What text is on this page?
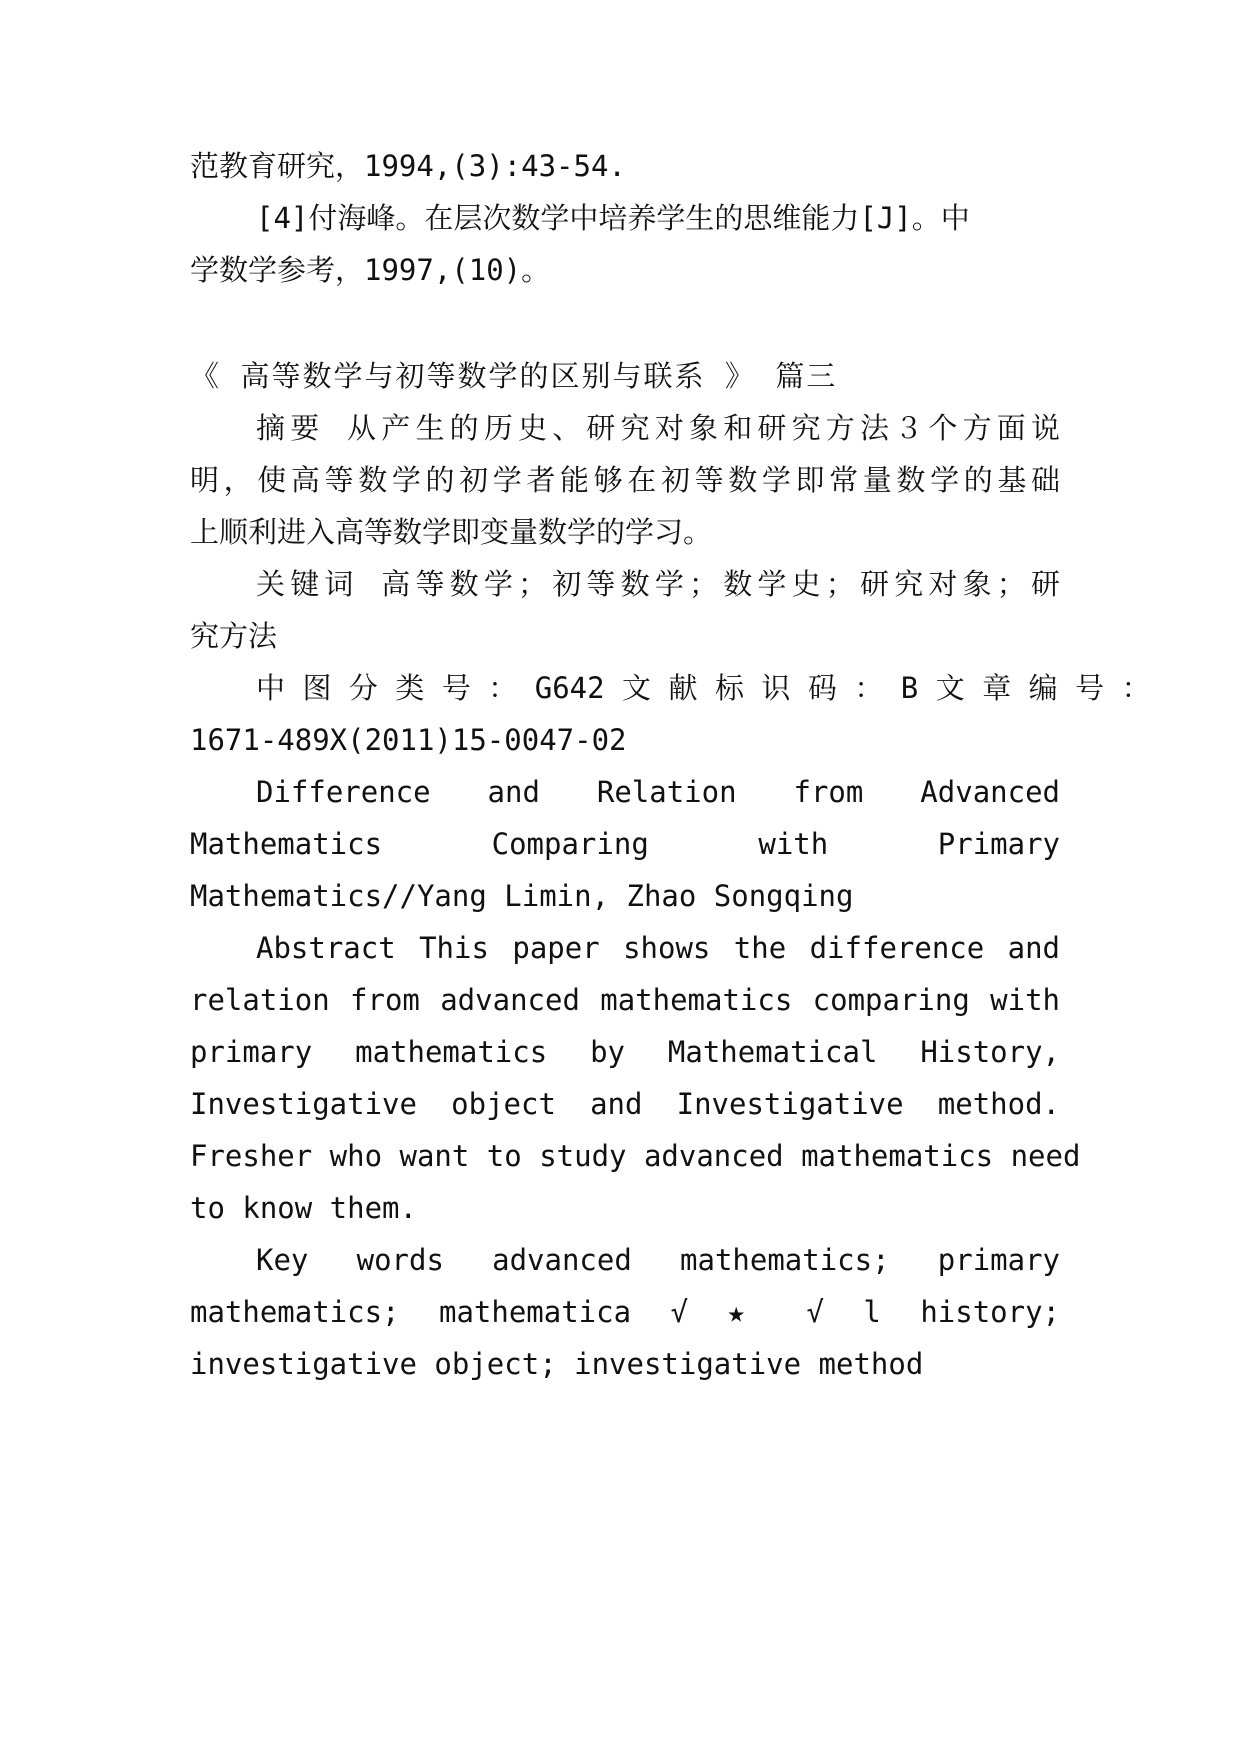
范教育研究，1994,(3):43-54.

[4]付海峰。在层次数学中培养学生的思维能力[J]。中

学数学参考，1997,(10)。

《 高等数学与初等数学的区别与联系 》 篇三

摘要 从产生的历史、研究对象和研究方法３个方面说

明，使高等数学的初学者能够在初等数学即常量数学的基础

上顺利进入高等数学即变量数学的学习。

关键词 高等数学；初等数学；数学史；研究对象；研

究方法

中 图 分 类 号 ： G642 文 献 标 识 码 ： B 文 章 编 号 ：

1671-489X(2011)15-0047-02

Difference and Relation from Advanced

Mathematics Comparing with Primary

Mathematics//Yang Limin, Zhao Songqing

Abstract This paper shows the difference and

relation from advanced mathematics comparing with

primary mathematics by Mathematical History,

Investigative object and Investigative method.

Fresher who want to study advanced mathematics need

to know them.

Key words advanced mathematics; primary

mathematics; mathematica √ ★ √ l history;

investigative object; investigative method
